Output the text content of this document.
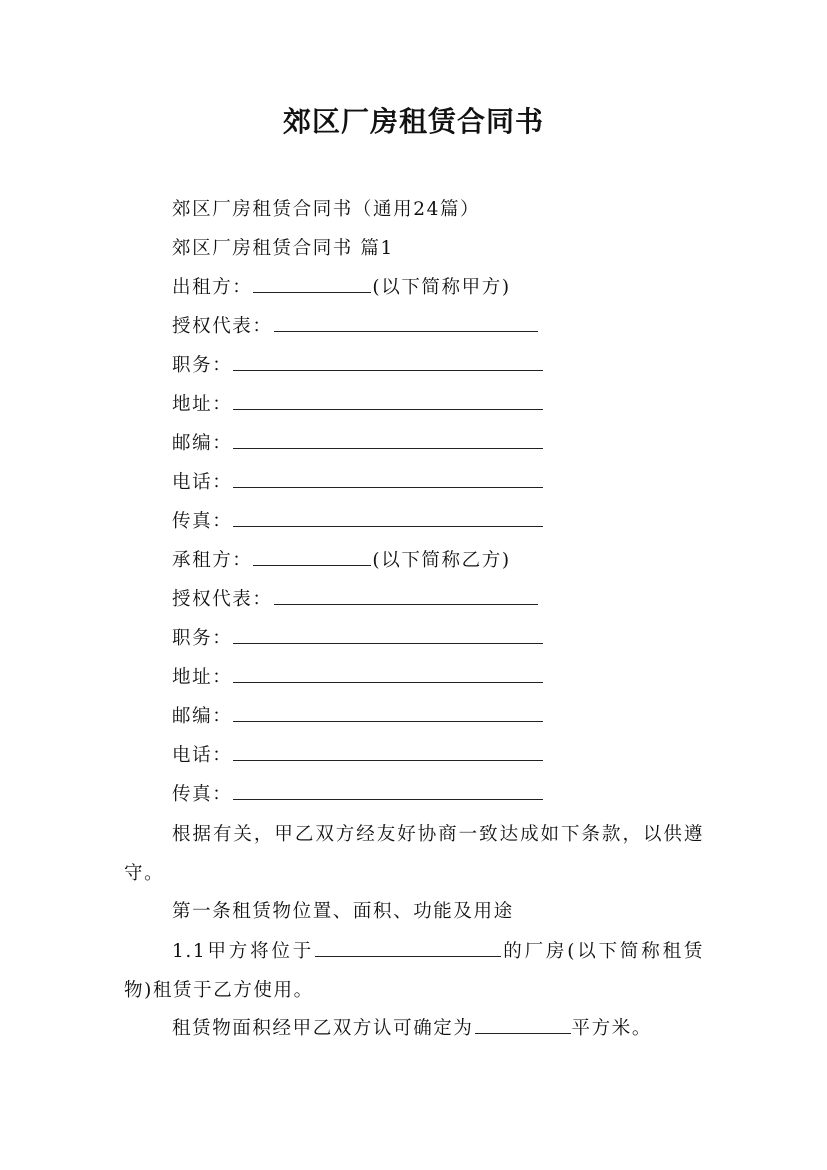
郊区厂房租赁合同书
郊区厂房租赁合同书（通用24篇）
郊区厂房租赁合同书 篇1
出租方：	(以下简称甲方)
授权代表：
职务：
地址：
邮编：
电话：
传真：
承租方：	(以下简称乙方)
授权代表：
职务：
地址：
邮编：
电话：
传真：
根据有关，甲乙双方经友好协商一致达成如下条款，以供遵守。
第一条租赁物位置、面积、功能及用途
1.1甲方将位于	的厂房(以下简称租赁物)租赁于乙方使用。
租赁物面积经甲乙双方认可确定为	平方米。
